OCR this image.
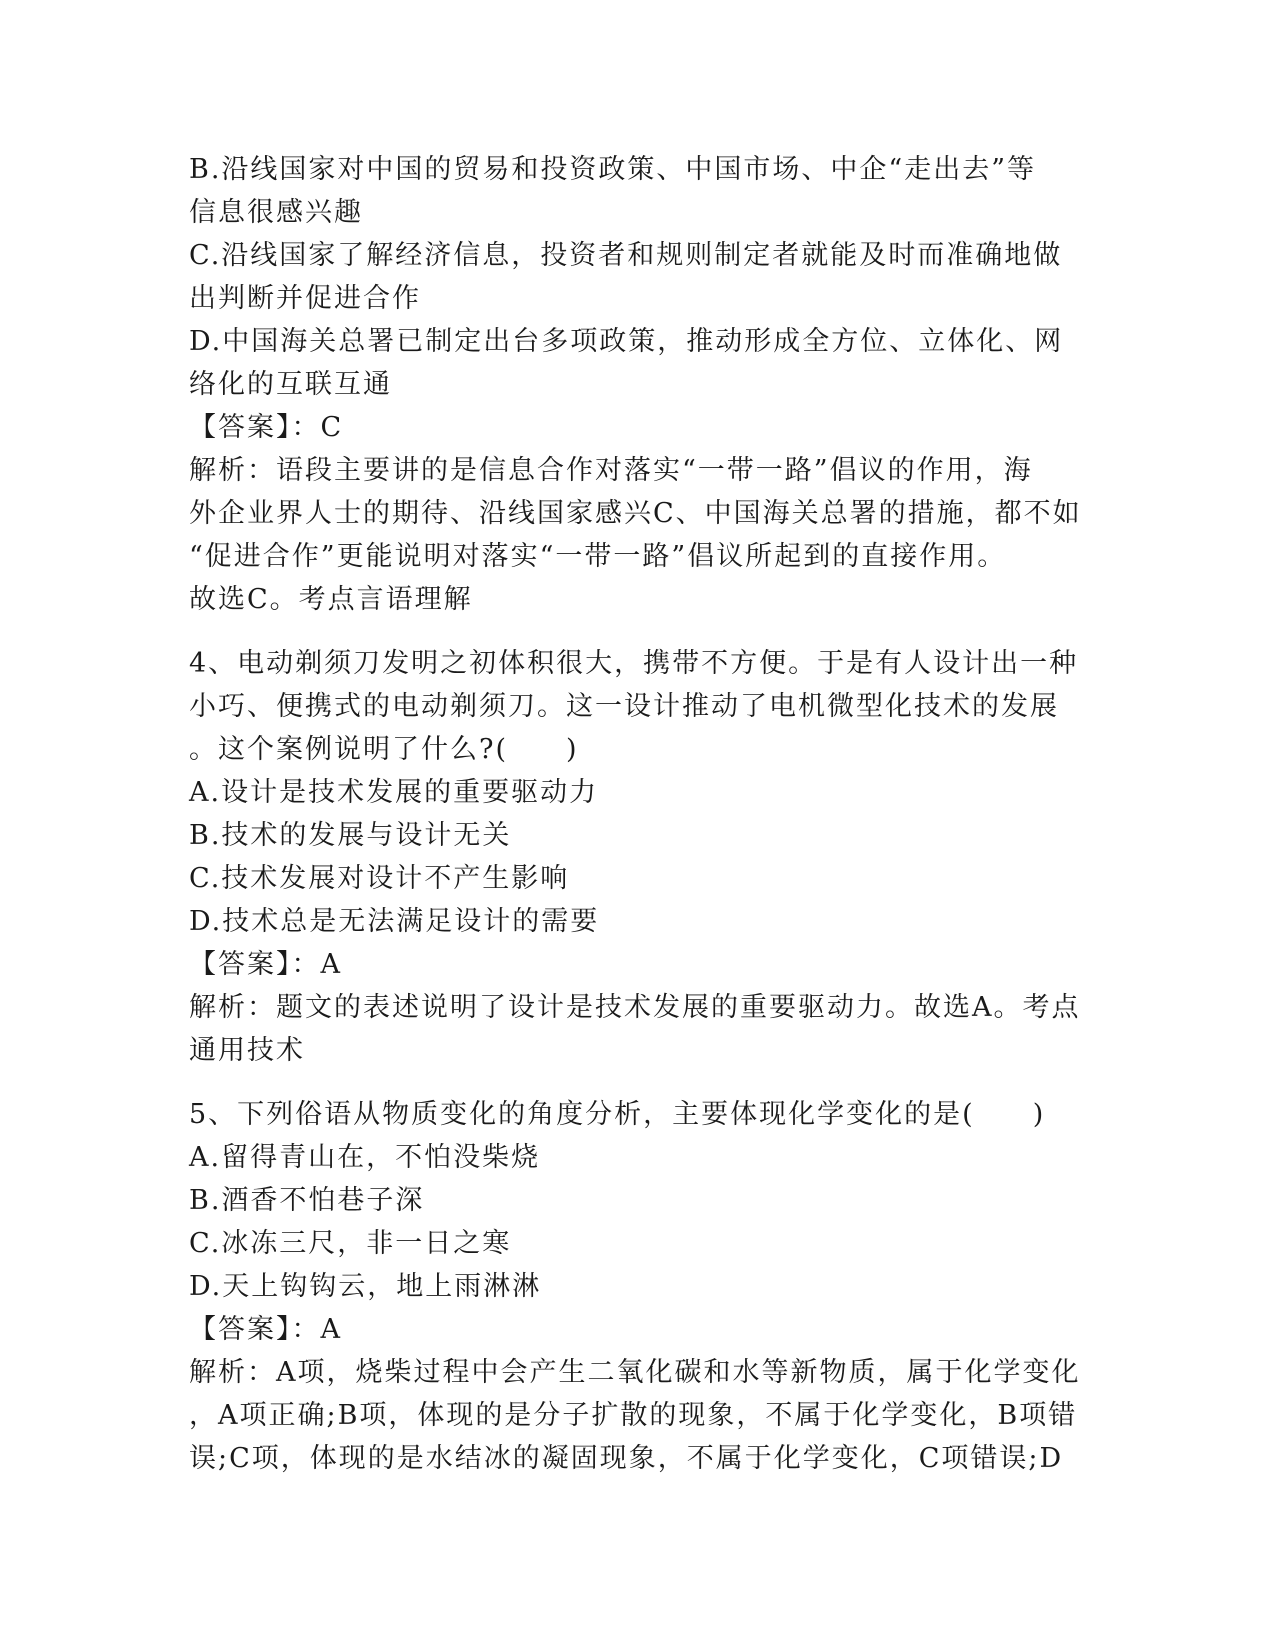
B.沿线国家对中国的贸易和投资政策、中国市场、中企“走出去”等
信息很感兴趣
C.沿线国家了解经济信息，投资者和规则制定者就能及时而准确地做
出判断并促进合作
D.中国海关总署已制定出台多项政策，推动形成全方位、立体化、网
络化的互联互通
【答案】：C
解析：语段主要讲的是信息合作对落实“一带一路”倡议的作用，海
外企业界人士的期待、沿线国家感兴C、中国海关总署的措施，都不如
“促进合作”更能说明对落实“一带一路”倡议所起到的直接作用。
故选C。考点言语理解
4、电动剃须刀发明之初体积很大，携带不方便。于是有人设计出一种
小巧、便携式的电动剃须刀。这一设计推动了电机微型化技术的发展
。这个案例说明了什么?(　　)
A.设计是技术发展的重要驱动力
B.技术的发展与设计无关
C.技术发展对设计不产生影响
D.技术总是无法满足设计的需要
【答案】：A
解析：题文的表述说明了设计是技术发展的重要驱动力。故选A。考点
通用技术
5、下列俗语从物质变化的角度分析，主要体现化学变化的是(　　)
A.留得青山在，不怕没柴烧
B.酒香不怕巷子深
C.冰冻三尺，非一日之寒
D.天上钩钩云，地上雨淋淋
【答案】：A
解析：A项，烧柴过程中会产生二氧化碳和水等新物质，属于化学变化
，A项正确;B项，体现的是分子扩散的现象，不属于化学变化，B项错
误;C项，体现的是水结冰的凝固现象，不属于化学变化，C项错误;D
